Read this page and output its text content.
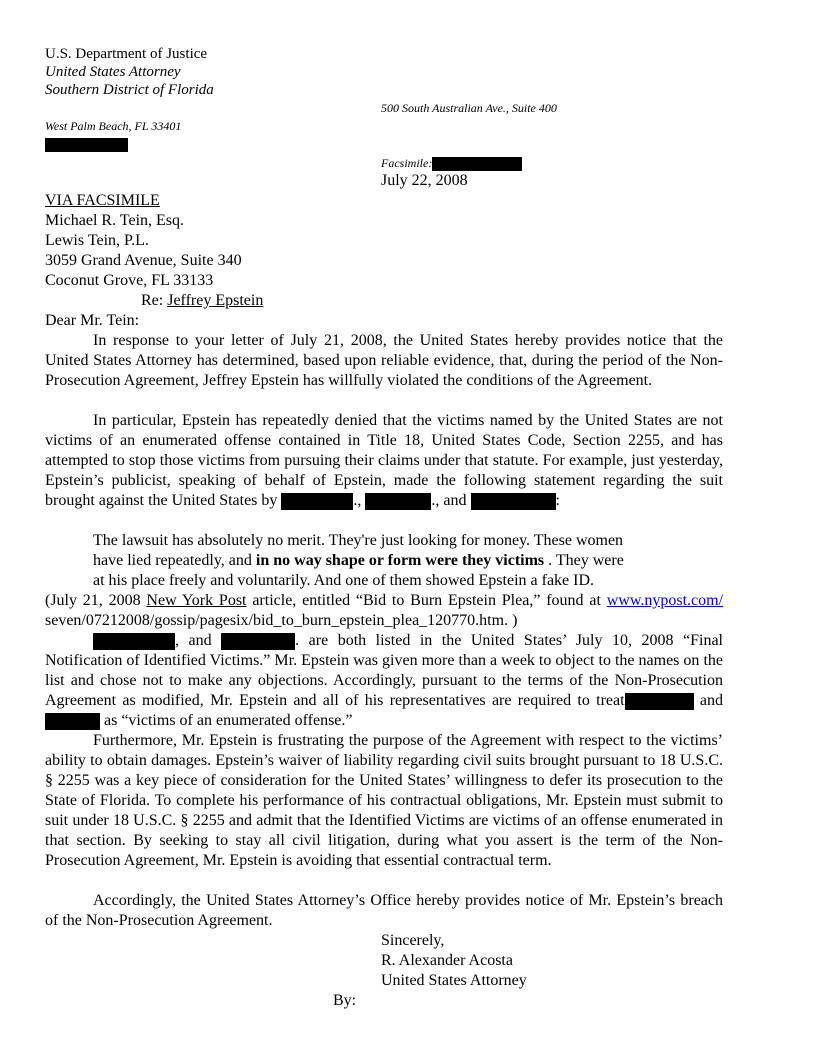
U.S. Department of Justice
United States Attorney
Southern District of Florida
500 South Australian Ave., Suite 400
West Palm Beach, FL 33401
Facsimile:
July 22, 2008
VIA FACSIMILE
Michael R. Tein, Esq.
Lewis Tein, P.L.
3059 Grand Avenue, Suite 340
Coconut Grove, FL 33133
Re: Jeffrey Epstein
Dear Mr. Tein:
In response to your letter of July 21, 2008, the United States hereby provides notice that the United States Attorney has determined, based upon reliable evidence, that, during the period of the Non-Prosecution Agreement, Jeffrey Epstein has willfully violated the conditions of the Agreement.
In particular, Epstein has repeatedly denied that the victims named by the United States are not victims of an enumerated offense contained in Title 18, United States Code, Section 2255, and has attempted to stop those victims from pursuing their claims under that statute. For example, just yesterday, Epstein’s publicist, speaking of behalf of Epstein, made the following statement regarding the suit brought against the United States by	.,	., and	:
The lawsuit has absolutely no merit. They're just looking for money. These women
have lied repeatedly, and in no way shape or form were they victims . They were
at his place freely and voluntarily. And one of them showed Epstein a fake ID.
(July 21, 2008 New York Post article, entitled “Bid to Burn Epstein Plea,” found at www.nypost.com/ seven/07212008/gossip/pagesix/bid_to_burn_epstein_plea_120770.htm. )
, and	. are both listed in the United States’ July 10, 2008 “Final Notification of Identified Victims.” Mr. Epstein was given more than a week to object to the names on the list and chose not to make any objections. Accordingly, pursuant to the terms of the Non-Prosecution Agreement as modified, Mr. Epstein and all of his representatives are required to treat	and  as “victims of an enumerated offense.”
Furthermore, Mr. Epstein is frustrating the purpose of the Agreement with respect to the victims’ ability to obtain damages. Epstein’s waiver of liability regarding civil suits brought pursuant to 18 U.S.C. § 2255 was a key piece of consideration for the United States’ willingness to defer its prosecution to the State of Florida. To complete his performance of his contractual obligations, Mr. Epstein must submit to suit under 18 U.S.C. § 2255 and admit that the Identified Victims are victims of an offense enumerated in that section. By seeking to stay all civil litigation, during what you assert is the term of the Non-Prosecution Agreement, Mr. Epstein is avoiding that essential contractual term.
Accordingly, the United States Attorney’s Office hereby provides notice of Mr. Epstein’s breach of the Non-Prosecution Agreement.
Sincerely,
R. Alexander Acosta
United States Attorney
By:
